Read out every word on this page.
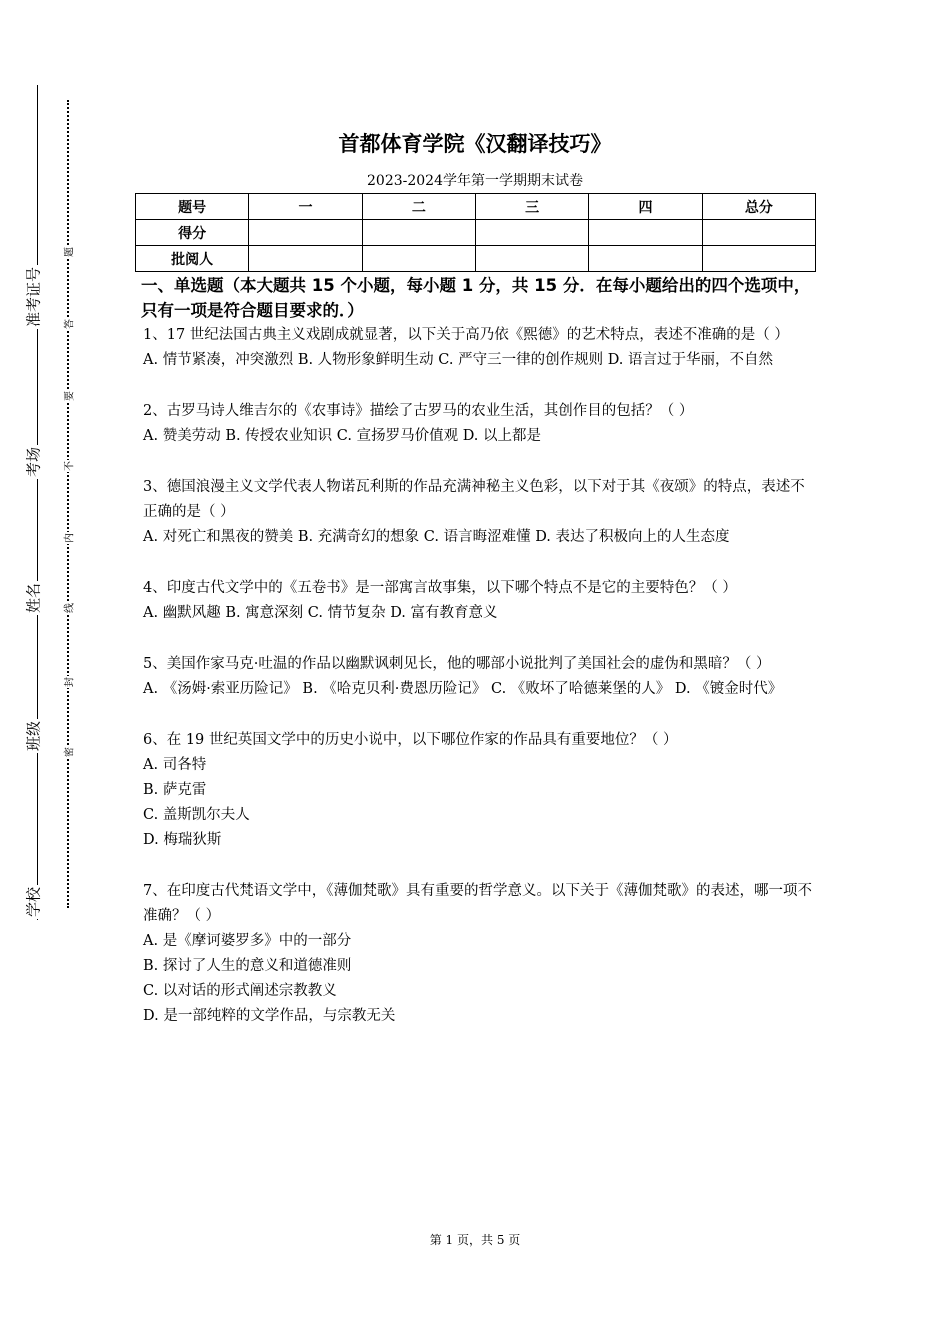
准考证号
考场
姓名
班级
学校
题
答
要
不
内
线
封
密
首都体育学院《汉翻译技巧》
2023-2024学年第一学期期末试卷
题号	一	二	三	四	总分
得分					
批阅人					
一、单选题（本大题共 15 个小题，每小题 1 分，共 15 分．在每小题给出的四个选项中，只有一项是符合题目要求的．）
1、17 世纪法国古典主义戏剧成就显著，以下关于高乃依《熙德》的艺术特点，表述不准确的是（ ）
A. 情节紧凑，冲突激烈 B. 人物形象鲜明生动 C. 严守三一律的创作规则 D. 语言过于华丽，不自然
2、古罗马诗人维吉尔的《农事诗》描绘了古罗马的农业生活，其创作目的包括？（ ）
A. 赞美劳动 B. 传授农业知识 C. 宣扬罗马价值观 D. 以上都是
3、德国浪漫主义文学代表人物诺瓦利斯的作品充满神秘主义色彩，以下对于其《夜颂》的特点，表述不正确的是（ ）
A. 对死亡和黑夜的赞美 B. 充满奇幻的想象 C. 语言晦涩难懂 D. 表达了积极向上的人生态度
4、印度古代文学中的《五卷书》是一部寓言故事集，以下哪个特点不是它的主要特色？（ ）
A. 幽默风趣 B. 寓意深刻 C. 情节复杂 D. 富有教育意义
5、美国作家马克·吐温的作品以幽默讽刺见长，他的哪部小说批判了美国社会的虚伪和黑暗？（ ）
A. 《汤姆·索亚历险记》 B. 《哈克贝利·费恩历险记》 C. 《败坏了哈德莱堡的人》 D. 《镀金时代》
6、在 19 世纪英国文学中的历史小说中，以下哪位作家的作品具有重要地位？（ ）
A. 司各特
B. 萨克雷
C. 盖斯凯尔夫人
D. 梅瑞狄斯
7、在印度古代梵语文学中，《薄伽梵歌》具有重要的哲学意义。以下关于《薄伽梵歌》的表述，哪一项不准确？（ ）
A. 是《摩诃婆罗多》中的一部分
B. 探讨了人生的意义和道德准则
C. 以对话的形式阐述宗教教义
D. 是一部纯粹的文学作品，与宗教无关
第 1 页，共 5 页
